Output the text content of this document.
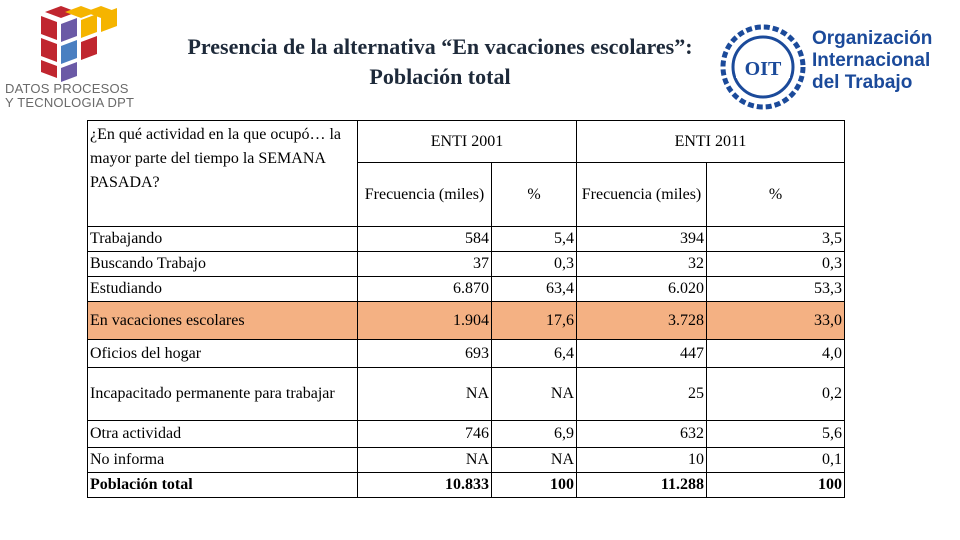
DATOS PROCESOS
Y TECNOLOGIA DPT
Presencia de la alternativa “En vacaciones escolares”: Población total	OIT
Organización
Internacional
del Trabajo
¿En qué actividad en la que ocupó… la mayor parte del tiempo la SEMANA PASADA?	ENTI 2001		ENTI 2011	
	Frecuencia (miles)	%	Frecuencia (miles)	%
Trabajando	584	5,4	394	3,5
Buscando Trabajo	37	0,3	32	0,3
Estudiando	6.870	63,4	6.020	53,3
En vacaciones escolares	1.904	17,6	3.728	33,0
Oficios del hogar	693	6,4	447	4,0
Incapacitado permanente para trabajar	NA	NA	25	0,2
Otra actividad	746	6,9	632	5,6
No informa	NA	NA	10	0,1
Población total	10.833	100	11.288	100
